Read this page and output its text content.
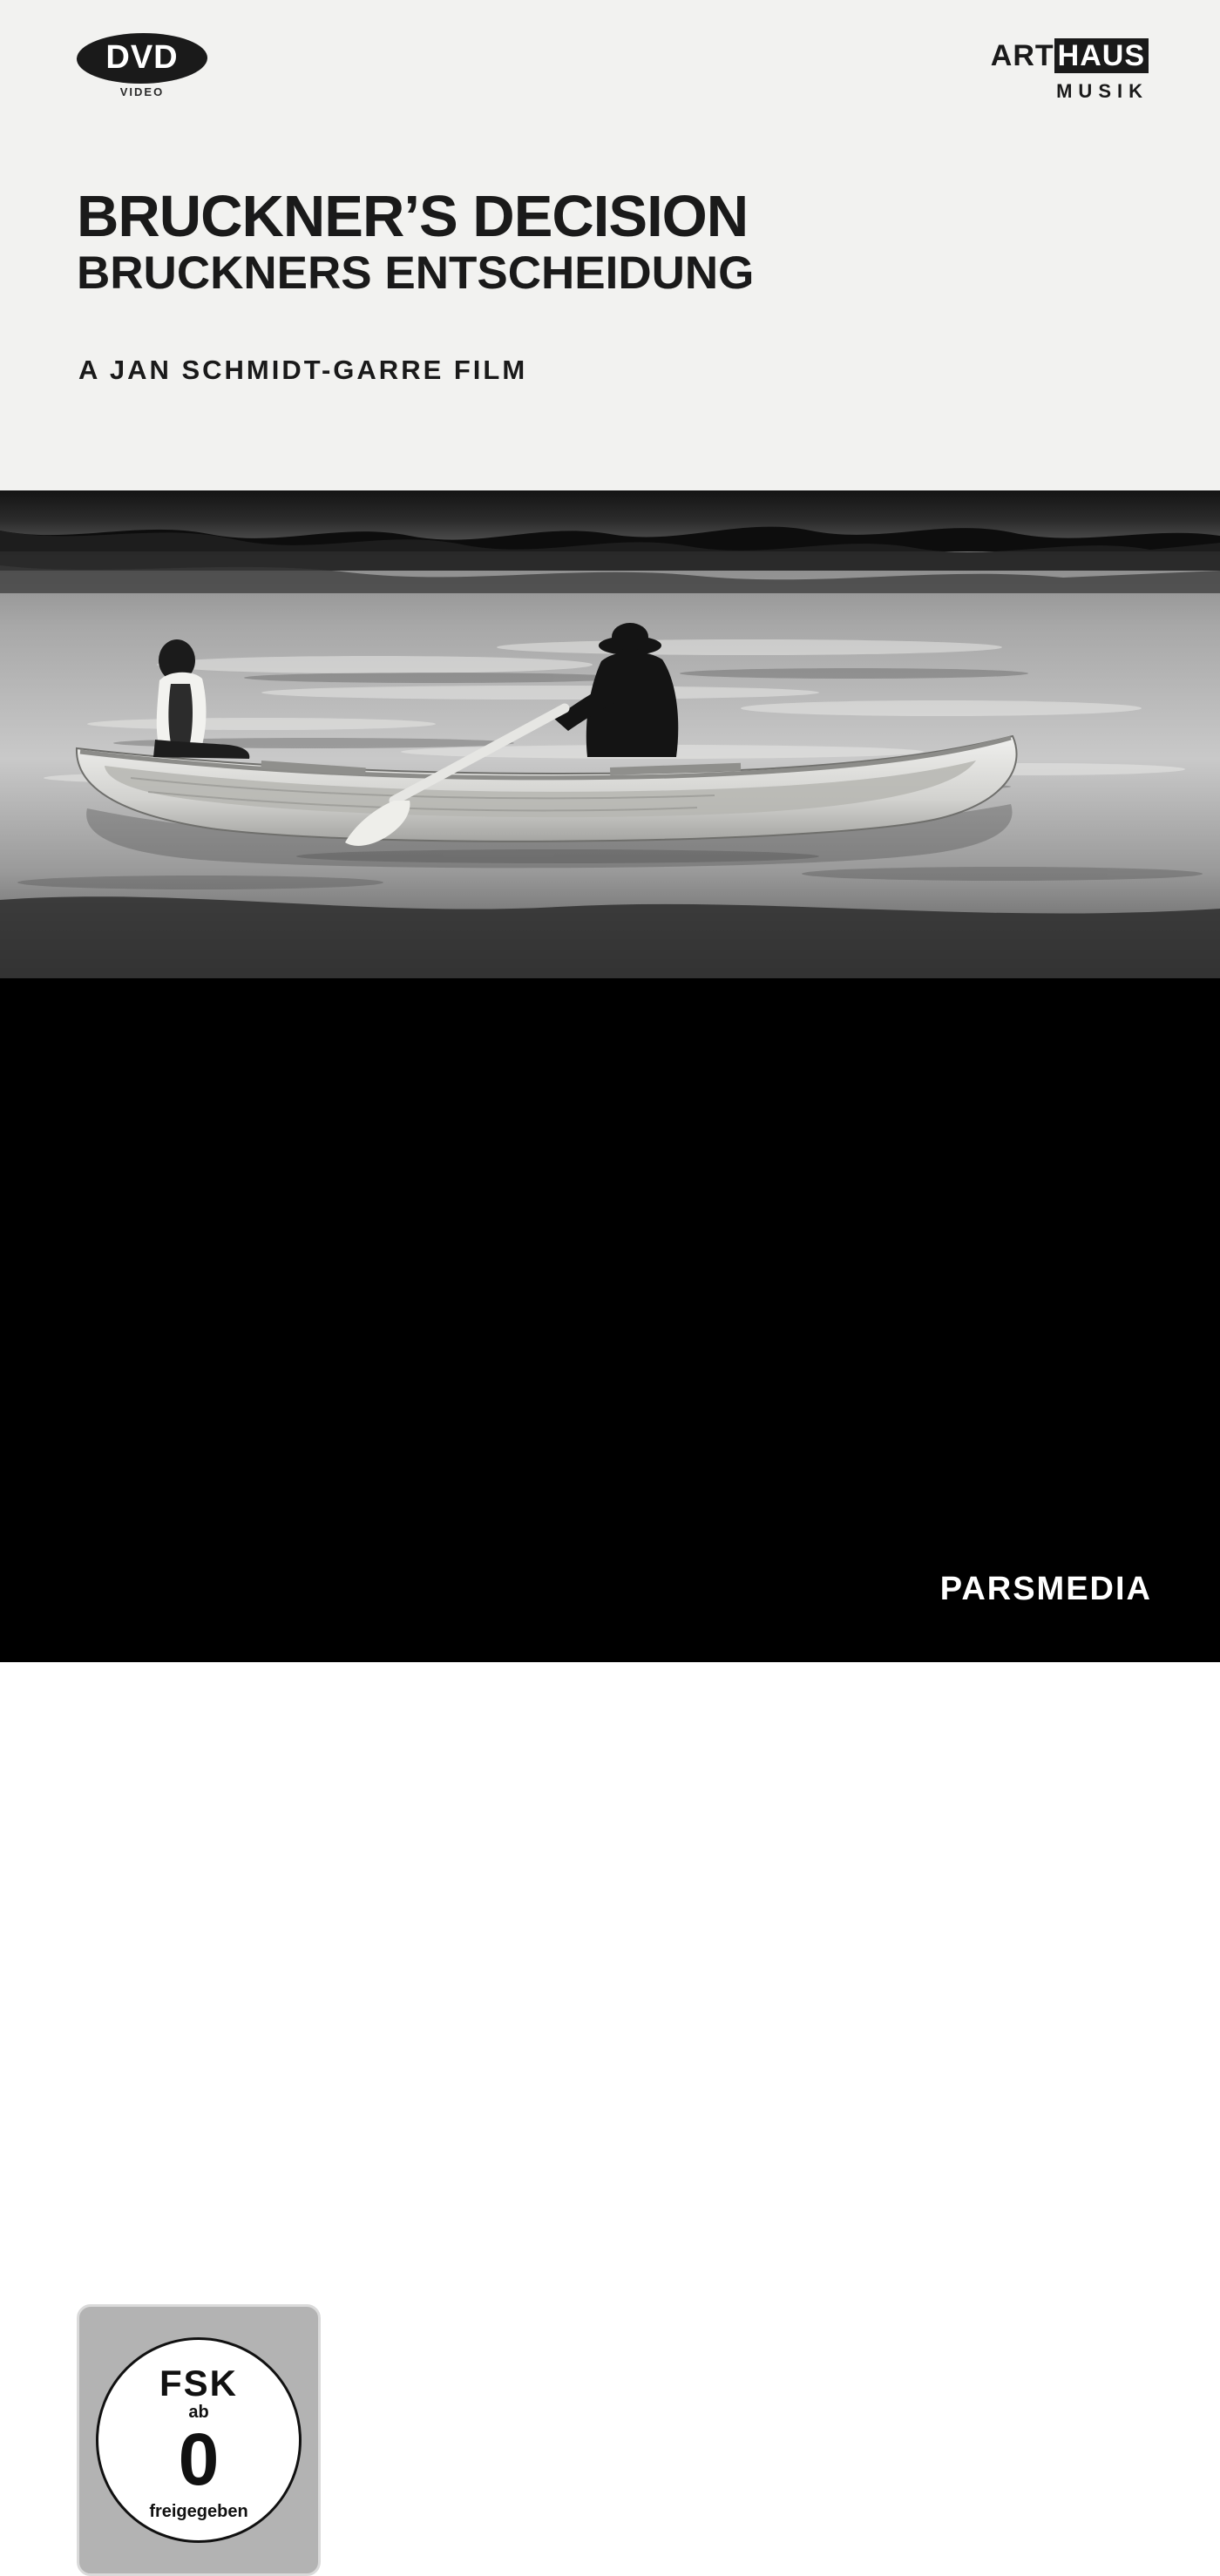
DVD
VIDEO
ART HAUS
MUSIK
BRUCKNER’S DECISION
BRUCKNERS ENTSCHEIDUNG
A JAN SCHMIDT-GARRE FILM
With/mit
Joachim Bauer, Sophie von Kessel, Michael Ponti, Peter Fricke, Peter von Fontano and, in the role of Richard Wagner/und in der Rolle Richard Wagners: Joachim Kaiser
FSK
ab
0
freigegeben
PARSMEDIA
